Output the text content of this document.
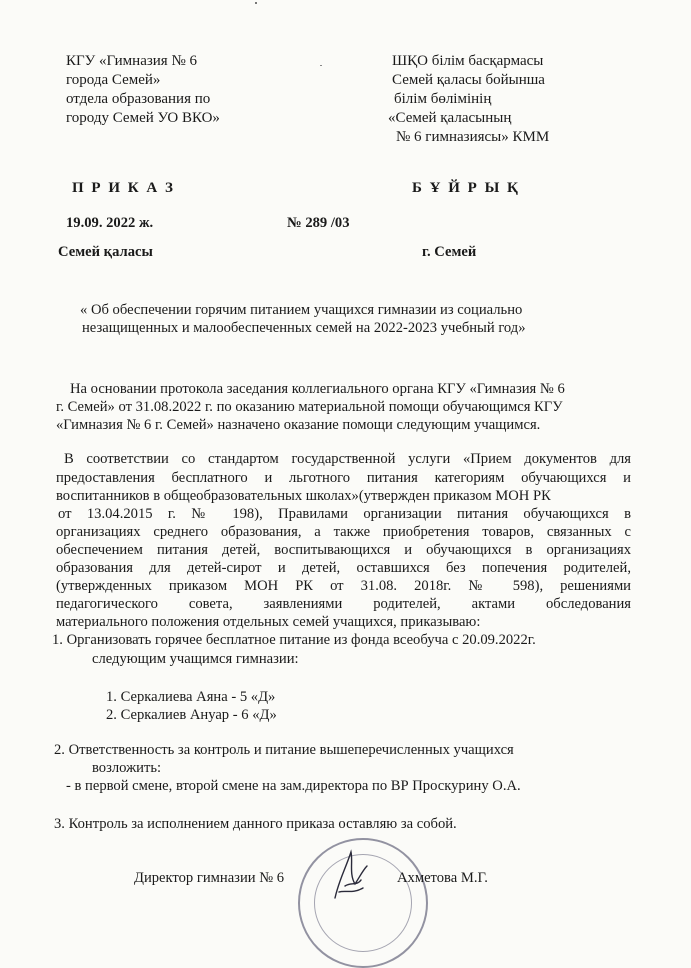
КГУ «Гимназия № 6
города Семей»
отдела образования по
городу Семей УО ВКО»
ШҚО білім басқармасы
Семей қаласы бойынша
білім бөлімінің
«Семей қаласының
№ 6 гимназиясы» КММ
П Р И К А З	Б Ұ Й Р Ы Қ
19.09. 2022 ж.	№ 289 /03
Семей қаласы	г. Семей
« Об обеспечении горячим питанием учащихся гимназии из социально
незащищенных и малообеспеченных семей на 2022-2023 учебный год»
На основании протокола заседания коллегиального органа КГУ «Гимназия № 6
г. Семей» от 31.08.2022 г. по оказанию материальной помощи обучающимся КГУ
«Гимназия № 6 г. Семей» назначено оказание помощи следующим учащимся.
В соответствии со стандартом государственной услуги «Прием документов для
предоставления бесплатного и льготного питания категориям обучающихся и
воспитанников в общеобразовательных школах»(утвержден приказом МОН РК
от 13.04.2015 г. № 198), Правилами организации питания обучающихся в
организациях среднего образования, а также приобретения товаров, связанных с
обеспечением питания детей, воспитывающихся и обучающихся в организациях
образования для детей-сирот и детей, оставшихся без попечения родителей,
(утвержденных приказом МОН РК от 31.08. 2018г. № 598), решениями
педагогического совета, заявлениями родителей, актами обследования
материального положения отдельных семей учащихся, приказываю:
1. Организовать горячее бесплатное питание из фонда всеобуча с 20.09.2022г.
следующим учащимся гимназии:
1. Серкалиева Аяна - 5 «Д»
2. Серкалиев Ануар - 6 «Д»
2. Ответственность за контроль и питание вышеперечисленных учащихся
возложить:
- в первой смене, второй смене на зам.директора по ВР Проскурину О.А.
3. Контроль за исполнением данного приказа оставляю за собой.
Директор гимназии № 6	Ахметова М.Г.
